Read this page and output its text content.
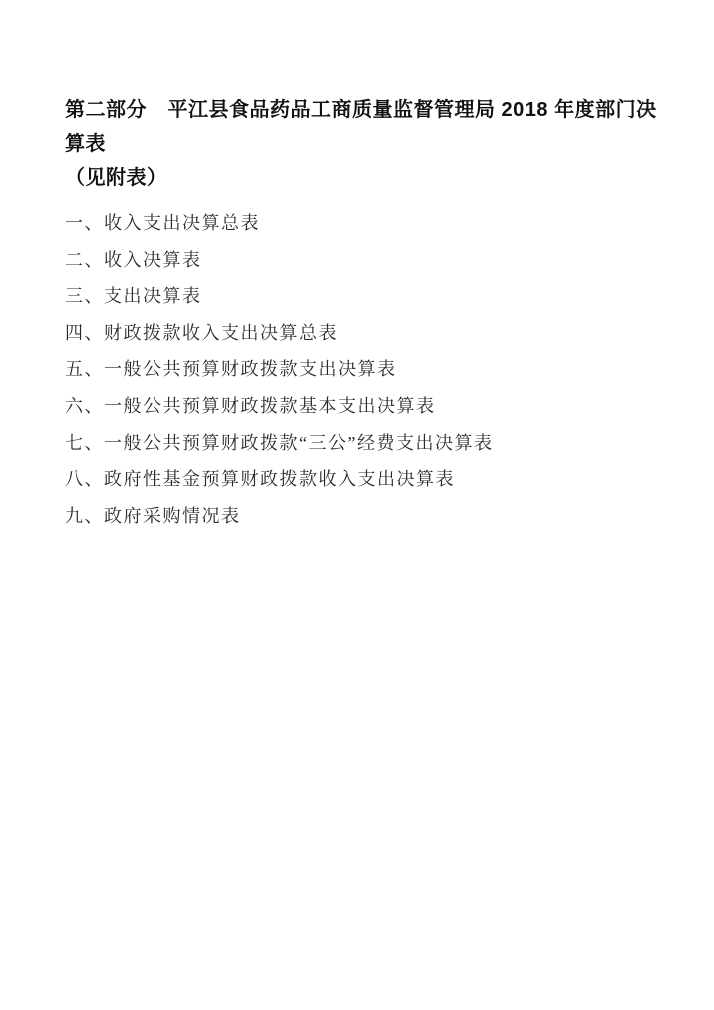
第二部分　平江县食品药品工商质量监督管理局 2018 年度部门决算表
（见附表）
一、收入支出决算总表
二、收入决算表
三、支出决算表
四、财政拨款收入支出决算总表
五、一般公共预算财政拨款支出决算表
六、一般公共预算财政拨款基本支出决算表
七、一般公共预算财政拨款“三公”经费支出决算表
八、政府性基金预算财政拨款收入支出决算表
九、政府采购情况表
